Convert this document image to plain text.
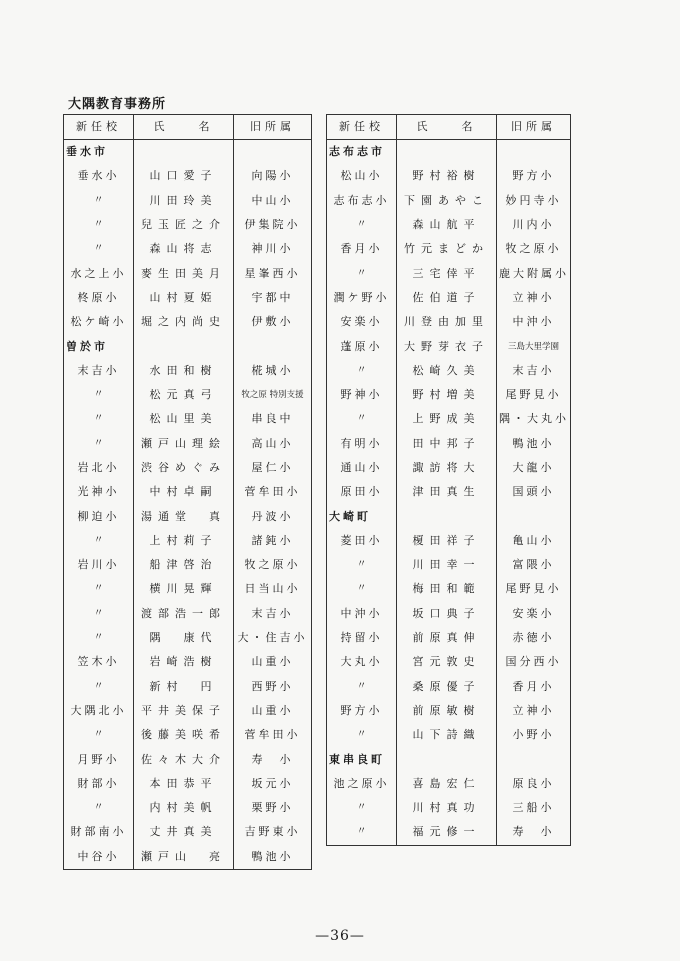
大隅教育事務所
新任校	氏　　名	旧所属
垂水市		
垂水小	山口愛子	向陽小
〃	川田玲美	中山小
〃	兒玉匠之介	伊集院小
〃	森山将志	神川小
水之上小	麥生田美月	星峯西小
柊原小	山村夏姫	宇都中
松ケ崎小	堀之内尚史	伊敷小
曽於市		
末吉小	水田和樹	椛城小
〃	松元真弓	牧之原 特別支援
〃	松山里美	串良中
〃	瀬戸山理絵	高山小
岩北小	渋谷めぐみ	屋仁小
光神小	中村卓嗣	菅牟田小
柳迫小	湯通堂　真	丹波小
〃	上村莉子	諸鈍小
岩川小	船津啓治	牧之原小
〃	横川晃輝	日当山小
〃	渡部浩一郎	末吉小
〃	隅　康代	大・住吉小
笠木小	岩崎浩樹	山重小
〃	新村　円	西野小
大隅北小	平井美保子	山重小
〃	後藤美咲希	菅牟田小
月野小	佐々木大介	寿　小
財部小	本田恭平	坂元小
〃	内村美帆	栗野小
財部南小	丈井真美	吉野東小
中谷小	瀬戸山　亮	鴨池小
新任校	氏　　名	旧所属
志布志市		
松山小	野村裕樹	野方小
志布志小	下園あやこ	妙円寺小
〃	森山航平	川内小
香月小	竹元まどか	牧之原小
〃	三宅倖平	鹿大附属小
潤ケ野小	佐伯道子	立神小
安楽小	川登由加里	中沖小
蓬原小	大野芽衣子	三島大里学園
〃	松崎久美	末吉小
野神小	野村増美	尾野見小
〃	上野成美	隅・大丸小
有明小	田中邦子	鴨池小
通山小	諏訪将大	大龍小
原田小	津田真生	国頭小
大崎町		
菱田小	榎田祥子	亀山小
〃	川田幸一	富隈小
〃	梅田和範	尾野見小
中沖小	坂口典子	安楽小
持留小	前原真伸	赤徳小
大丸小	宮元敦史	国分西小
〃	桑原優子	香月小
野方小	前原敏樹	立神小
〃	山下詩織	小野小
東串良町		
池之原小	喜島宏仁	原良小
〃	川村真功	三船小
〃	福元修一	寿　小
—36—
